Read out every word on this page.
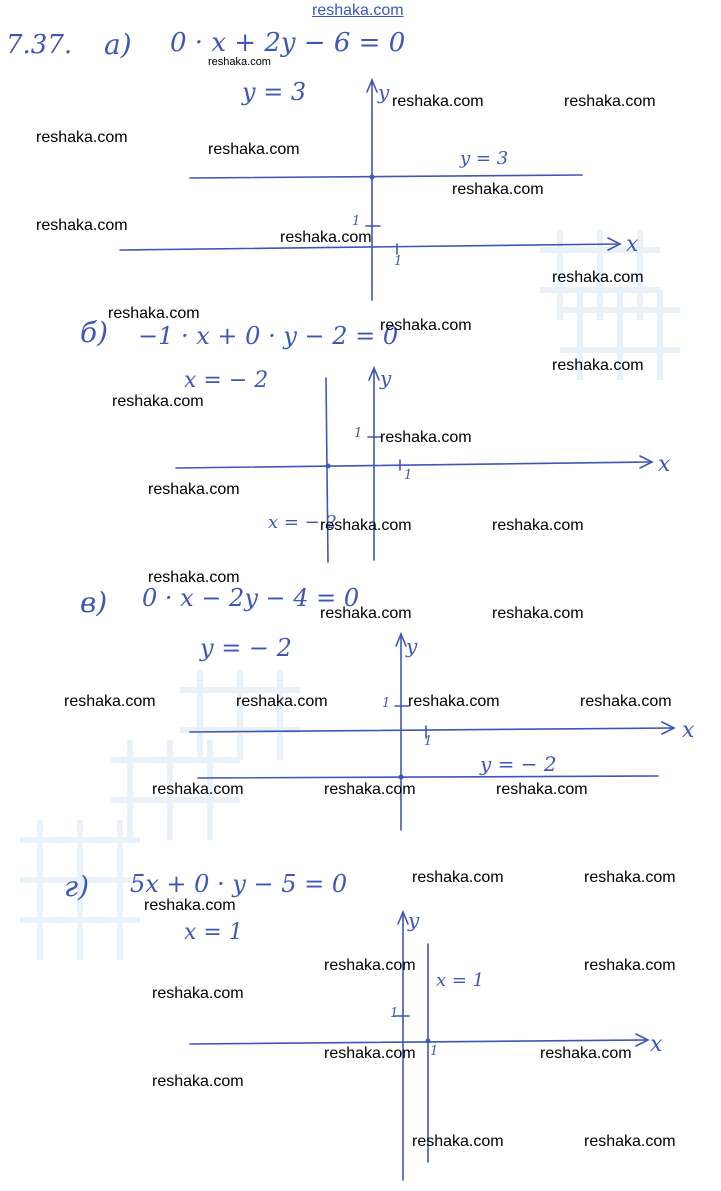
reshaka.com
7.37. a) 0 · x + 2y − 6 = 0
y = 3
y = 3
y
x
1
1
б) −1 · x + 0 · y − 2 = 0
x = − 2
x = − 2
y
x
1
1
в) 0 · x − 2y − 4 = 0
y = − 2
y = − 2
y
x
1
1
г) 5x + 0 · y − 5 = 0
x = 1
x = 1
y
x
1
1
reshaka.com
reshaka.com	reshaka.com
reshaka.com
reshaka.com
reshaka.com
reshaka.com
reshaka.com
reshaka.com
reshaka.com
reshaka.com
reshaka.com
reshaka.com
reshaka.com
reshaka.com
reshaka.com	reshaka.com
reshaka.com
reshaka.com	reshaka.com
reshaka.com	reshaka.com	reshaka.com	reshaka.com
reshaka.com	reshaka.com	reshaka.com
reshaka.com	reshaka.com
reshaka.com
reshaka.com	reshaka.com
reshaka.com
reshaka.com	reshaka.com
reshaka.com
reshaka.com	reshaka.com
